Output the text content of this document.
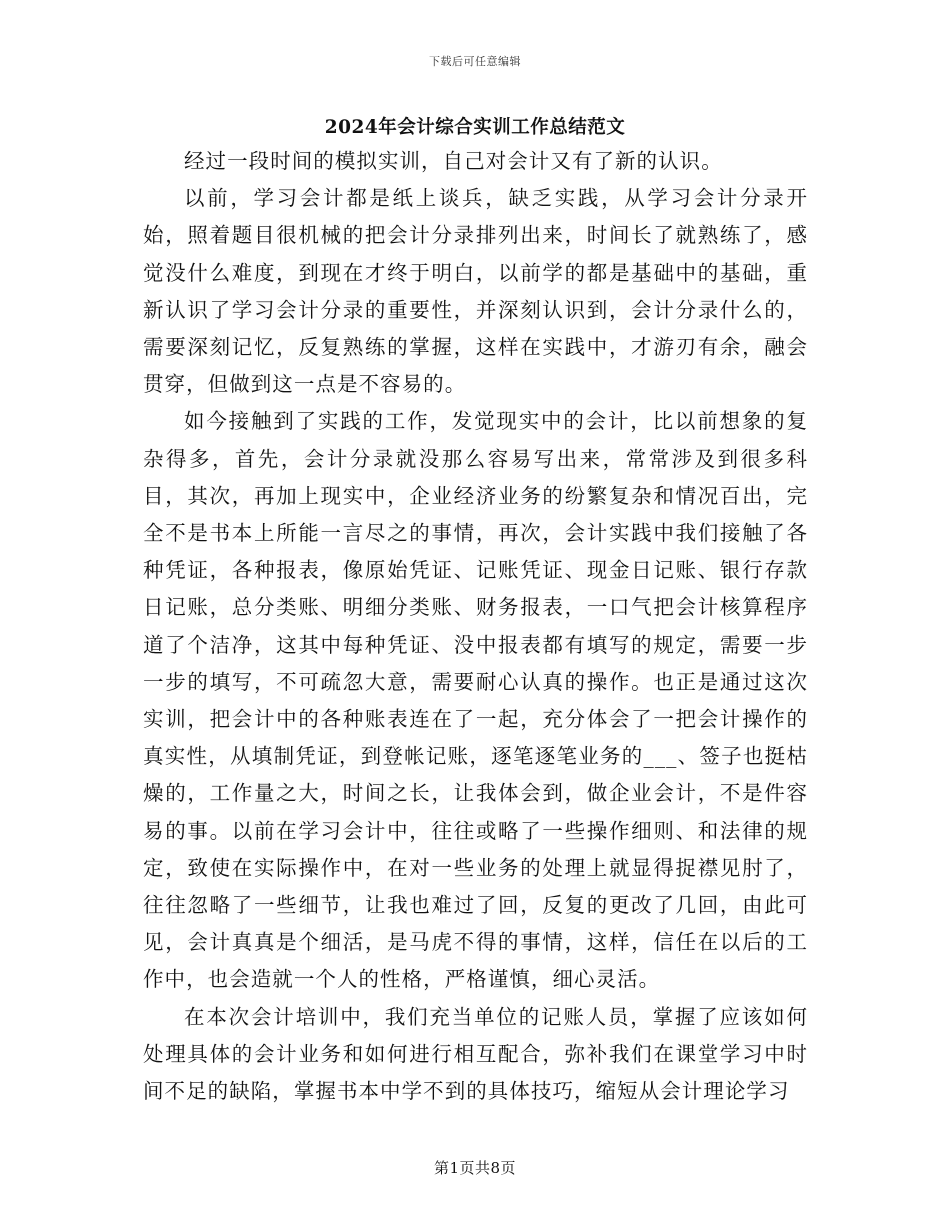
下载后可任意编辑
2024年会计综合实训工作总结范文

经过一段时间的模拟实训，自己对会计又有了新的认识。

以前，学习会计都是纸上谈兵，缺乏实践，从学习会计分录开始，照着题目很机械的把会计分录排列出来，时间长了就熟练了，感觉没什么难度，到现在才终于明白，以前学的都是基础中的基础，重新认识了学习会计分录的重要性，并深刻认识到，会计分录什么的，需要深刻记忆，反复熟练的掌握，这样在实践中，才游刃有余，融会贯穿，但做到这一点是不容易的。

如今接触到了实践的工作，发觉现实中的会计，比以前想象的复杂得多，首先，会计分录就没那么容易写出来，常常涉及到很多科目，其次，再加上现实中，企业经济业务的纷繁复杂和情况百出，完全不是书本上所能一言尽之的事情，再次，会计实践中我们接触了各种凭证，各种报表，像原始凭证、记账凭证、现金日记账、银行存款日记账，总分类账、明细分类账、财务报表，一口气把会计核算程序道了个洁净，这其中每种凭证、没中报表都有填写的规定，需要一步一步的填写，不可疏忽大意，需要耐心认真的操作。也正是通过这次实训，把会计中的各种账表连在了一起，充分体会了一把会计操作的真实性，从填制凭证，到登帐记账，逐笔逐笔业务的___、签子也挺枯燥的，工作量之大，时间之长，让我体会到，做企业会计，不是件容易的事。以前在学习会计中，往往或略了一些操作细则、和法律的规定，致使在实际操作中，在对一些业务的处理上就显得捉襟见肘了，往往忽略了一些细节，让我也难过了回，反复的更改了几回，由此可见，会计真真是个细活，是马虎不得的事情，这样，信任在以后的工作中，也会造就一个人的性格，严格谨慎，细心灵活。

在本次会计培训中，我们充当单位的记账人员，掌握了应该如何处理具体的会计业务和如何进行相互配合，弥补我们在课堂学习中时间不足的缺陷，掌握书本中学不到的具体技巧，缩短从会计理论学习

第1页共8页
